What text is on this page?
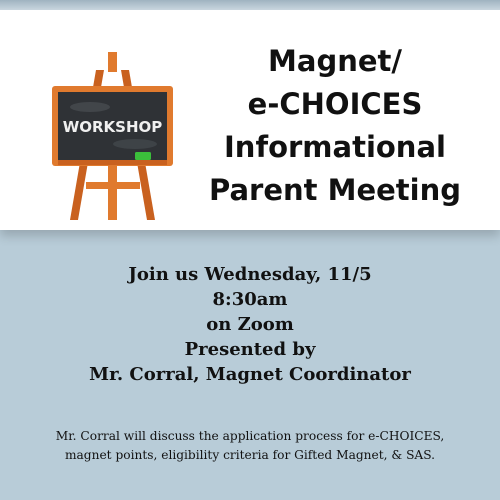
WORKSHOP
Magnet/
e-CHOICES
Informational
Parent Meeting
Join us Wednesday, 11/5
8:30am
on Zoom
Presented by
Mr. Corral, Magnet Coordinator
Mr. Corral will discuss the application process for e-CHOICES,
magnet points, eligibility criteria for Gifted Magnet, & SAS.
